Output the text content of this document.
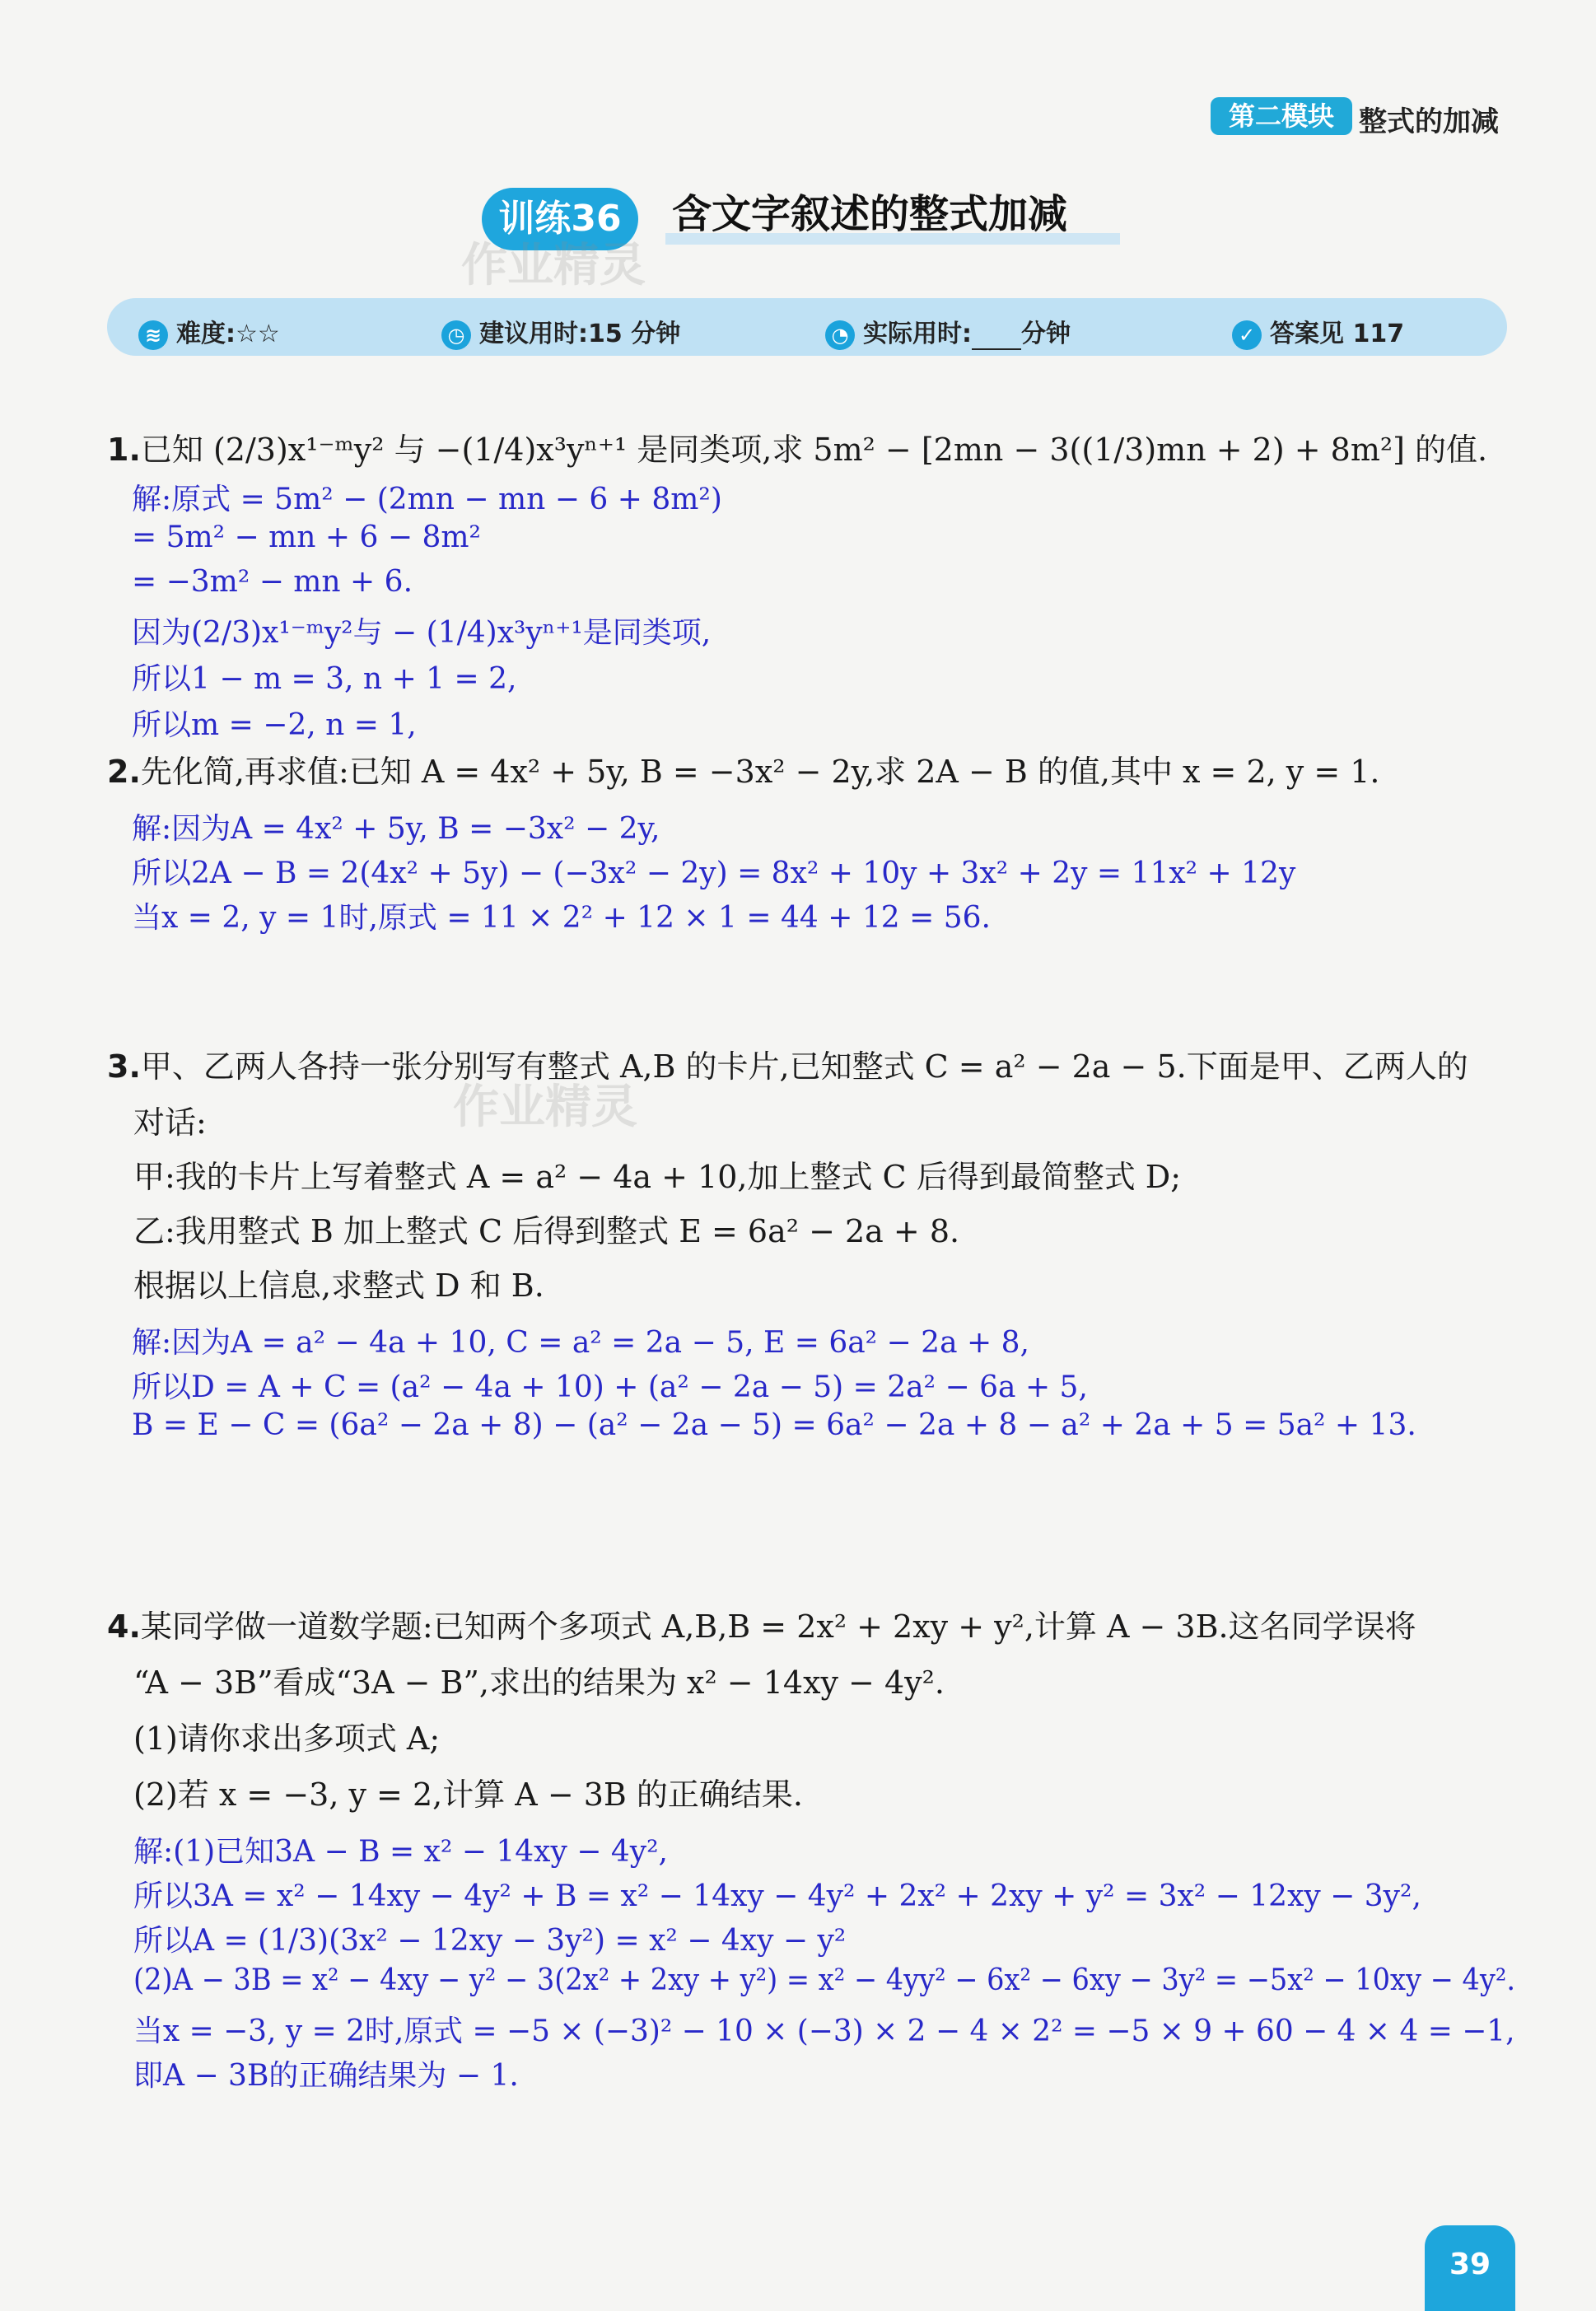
第二模块 整式的加减
训练36	含文字叙述的整式加减
作业精灵
作业精灵
≋ 难度:☆☆	◷ 建议用时:15 分钟	◔ 实际用时: 分钟	✓ 答案见 117
1.已知 (2/3)x¹⁻ᵐy² 与 −(1/4)x³yⁿ⁺¹ 是同类项,求 5m² − [2mn − 3((1/3)mn + 2) + 8m²] 的值.
解:原式 = 5m² − (2mn − mn − 6 + 8m²)
= 5m² − mn + 6 − 8m²
= −3m² − mn + 6.
因为(2/3)x¹⁻ᵐy²与 − (1/4)x³yⁿ⁺¹是同类项,
所以1 − m = 3, n + 1 = 2,
所以m = −2, n = 1,
2.先化简,再求值:已知 A = 4x² + 5y, B = −3x² − 2y,求 2A − B 的值,其中 x = 2, y = 1.
解:因为A = 4x² + 5y, B = −3x² − 2y,
所以2A − B = 2(4x² + 5y) − (−3x² − 2y) = 8x² + 10y + 3x² + 2y = 11x² + 12y
当x = 2, y = 1时,原式 = 11 × 2² + 12 × 1 = 44 + 12 = 56.
3.甲、乙两人各持一张分别写有整式 A,B 的卡片,已知整式 C = a² − 2a − 5.下面是甲、乙两人的
对话:
甲:我的卡片上写着整式 A = a² − 4a + 10,加上整式 C 后得到最简整式 D;
乙:我用整式 B 加上整式 C 后得到整式 E = 6a² − 2a + 8.
根据以上信息,求整式 D 和 B.
解:因为A = a² − 4a + 10, C = a² = 2a − 5, E = 6a² − 2a + 8,
所以D = A + C = (a² − 4a + 10) + (a² − 2a − 5) = 2a² − 6a + 5,
B = E − C = (6a² − 2a + 8) − (a² − 2a − 5) = 6a² − 2a + 8 − a² + 2a + 5 = 5a² + 13.
4.某同学做一道数学题:已知两个多项式 A,B,B = 2x² + 2xy + y²,计算 A − 3B.这名同学误将
“A − 3B”看成“3A − B”,求出的结果为 x² − 14xy − 4y².
(1)请你求出多项式 A;
(2)若 x = −3, y = 2,计算 A − 3B 的正确结果.
解:(1)已知3A − B = x² − 14xy − 4y²,
所以3A = x² − 14xy − 4y² + B = x² − 14xy − 4y² + 2x² + 2xy + y² = 3x² − 12xy − 3y²,
所以A = (1/3)(3x² − 12xy − 3y²) = x² − 4xy − y²
(2)A − 3B = x² − 4xy − y² − 3(2x² + 2xy + y²) = x² − 4yy² − 6x² − 6xy − 3y² = −5x² − 10xy − 4y².
当x = −3, y = 2时,原式 = −5 × (−3)² − 10 × (−3) × 2 − 4 × 2² = −5 × 9 + 60 − 4 × 4 = −1,
即A − 3B的正确结果为 − 1.
39
